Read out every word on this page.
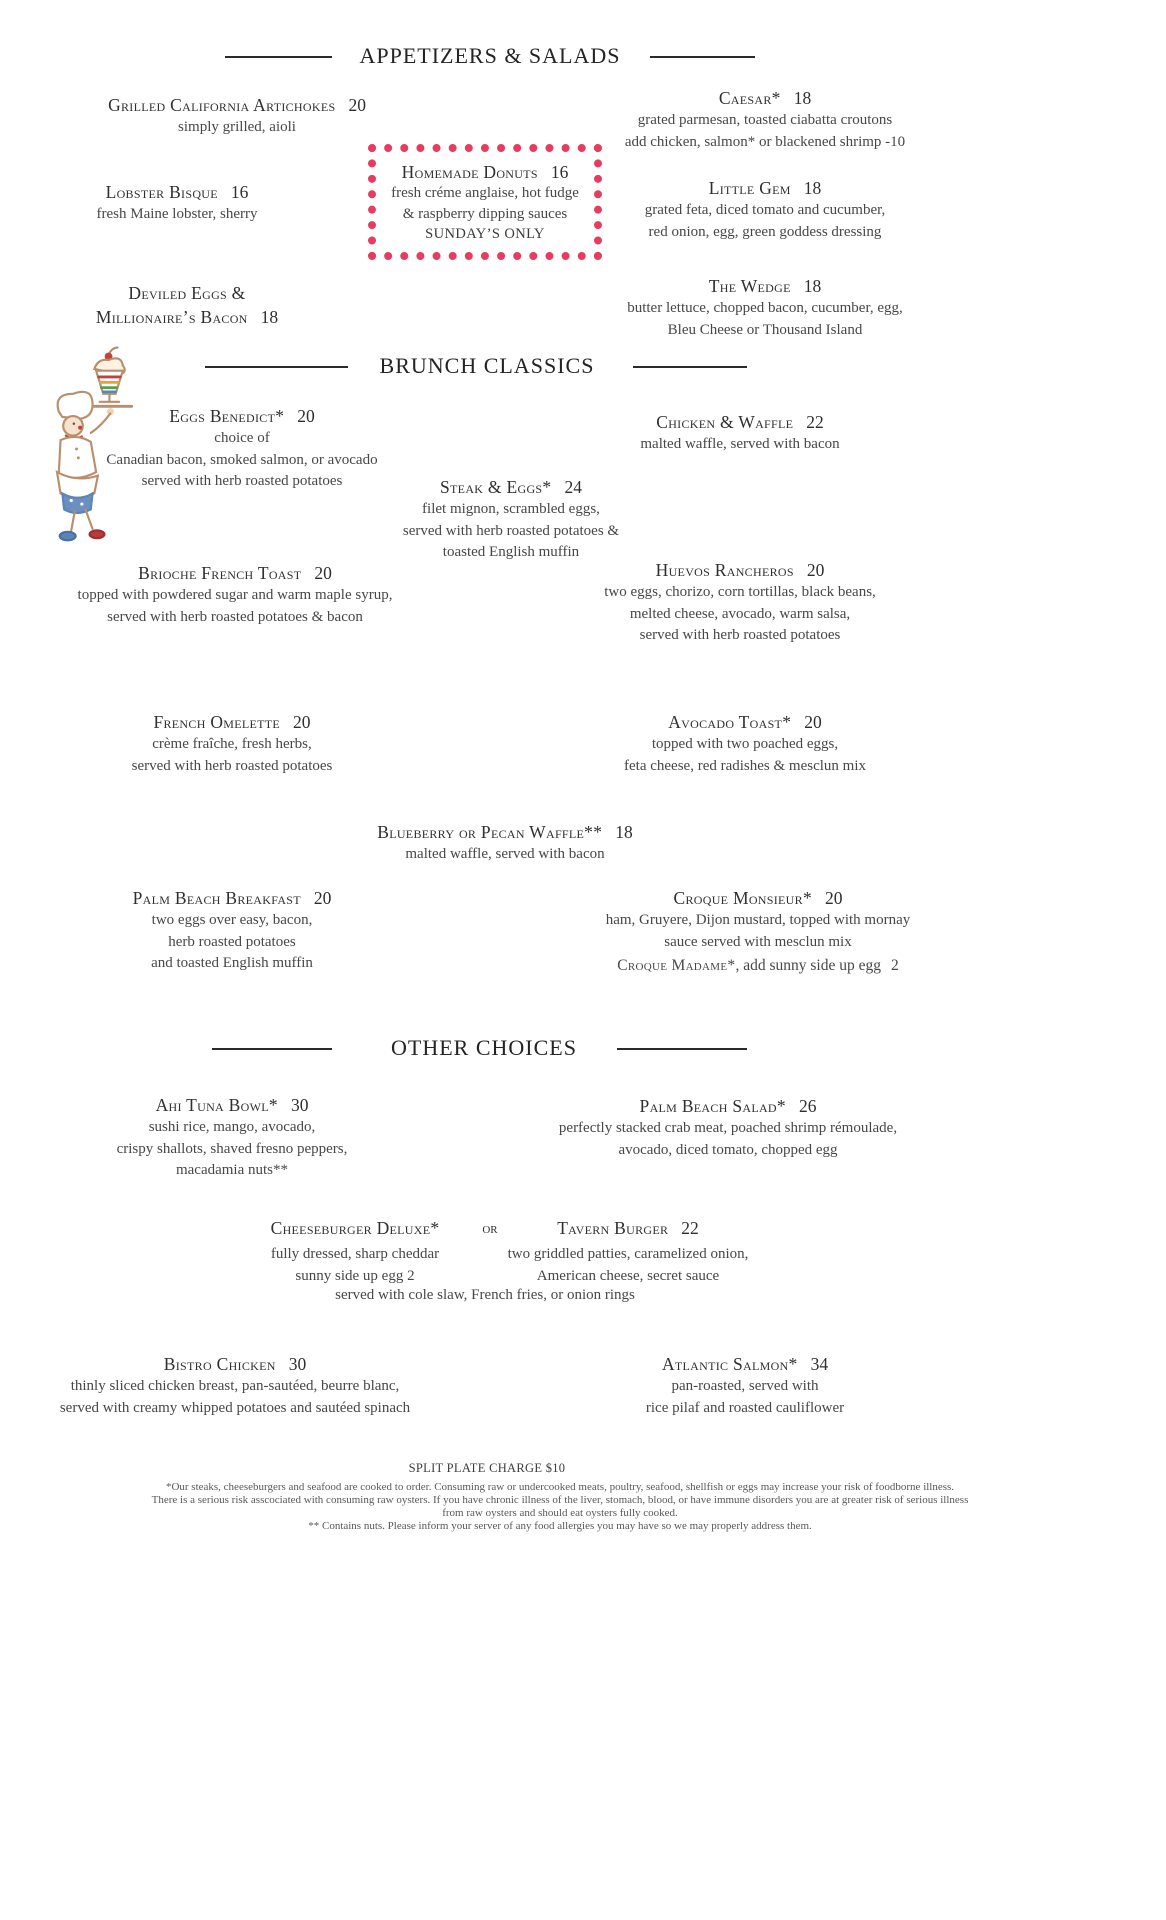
APPETIZERS & SALADS
Grilled California Artichokes 20
simply grilled, aioli
Caesar* 18
grated parmesan, toasted ciabatta croutons
add chicken, salmon* or blackened shrimp -10
Homemade Donuts 16
fresh créme anglaise, hot fudge
& raspberry dipping sauces
SUNDAY’S ONLY
Lobster Bisque 16
fresh Maine lobster, sherry
Little Gem 18
grated feta, diced tomato and cucumber,
red onion, egg, green goddess dressing
Deviled Eggs &
Millionaire’s Bacon 18
The Wedge 18
butter lettuce, chopped bacon, cucumber, egg,
Bleu Cheese or Thousand Island
BRUNCH CLASSICS
Eggs Benedict* 20
choice of
Canadian bacon, smoked salmon, or avocado
served with herb roasted potatoes
Chicken & Waffle 22
malted waffle, served with bacon
Steak & Eggs* 24
filet mignon, scrambled eggs,
served with herb roasted potatoes &
toasted English muffin
Brioche French Toast 20
topped with powdered sugar and warm maple syrup,
served with herb roasted potatoes & bacon
Huevos Rancheros 20
two eggs, chorizo, corn tortillas, black beans,
melted cheese, avocado, warm salsa,
served with herb roasted potatoes
French Omelette 20
crème fraîche, fresh herbs,
served with herb roasted potatoes
Avocado Toast* 20
topped with two poached eggs,
feta cheese, red radishes & mesclun mix
Blueberry or Pecan Waffle** 18
malted waffle, served with bacon
Palm Beach Breakfast 20
two eggs over easy, bacon,
herb roasted potatoes
and toasted English muffin
Croque Monsieur* 20
ham, Gruyere, Dijon mustard, topped with mornay
sauce served with mesclun mix
Croque Madame*, add sunny side up egg 2
OTHER CHOICES
Ahi Tuna Bowl* 30
sushi rice, mango, avocado,
crispy shallots, shaved fresno peppers,
macadamia nuts**
Palm Beach Salad* 26
perfectly stacked crab meat, poached shrimp rémoulade,
avocado, diced tomato, chopped egg
Cheeseburger Deluxe*
fully dressed, sharp cheddar
sunny side up egg 2
or	Tavern Burger 22
two griddled patties, caramelized onion,
American cheese, secret sauce
served with cole slaw, French fries, or onion rings
Bistro Chicken 30
thinly sliced chicken breast, pan-sautéed, beurre blanc,
served with creamy whipped potatoes and sautéed spinach
Atlantic Salmon* 34
pan-roasted, served with
rice pilaf and roasted cauliflower
SPLIT PLATE CHARGE $10
*Our steaks, cheeseburgers and seafood are cooked to order. Consuming raw or undercooked meats, poultry, seafood, shellfish or eggs may increase your risk of foodborne illness.
There is a serious risk asscociated with consuming raw oysters. If you have chronic illness of the liver, stomach, blood, or have immune disorders you are at greater risk of serious illness
from raw oysters and should eat oysters fully cooked.
** Contains nuts. Please inform your server of any food allergies you may have so we may properly address them.
